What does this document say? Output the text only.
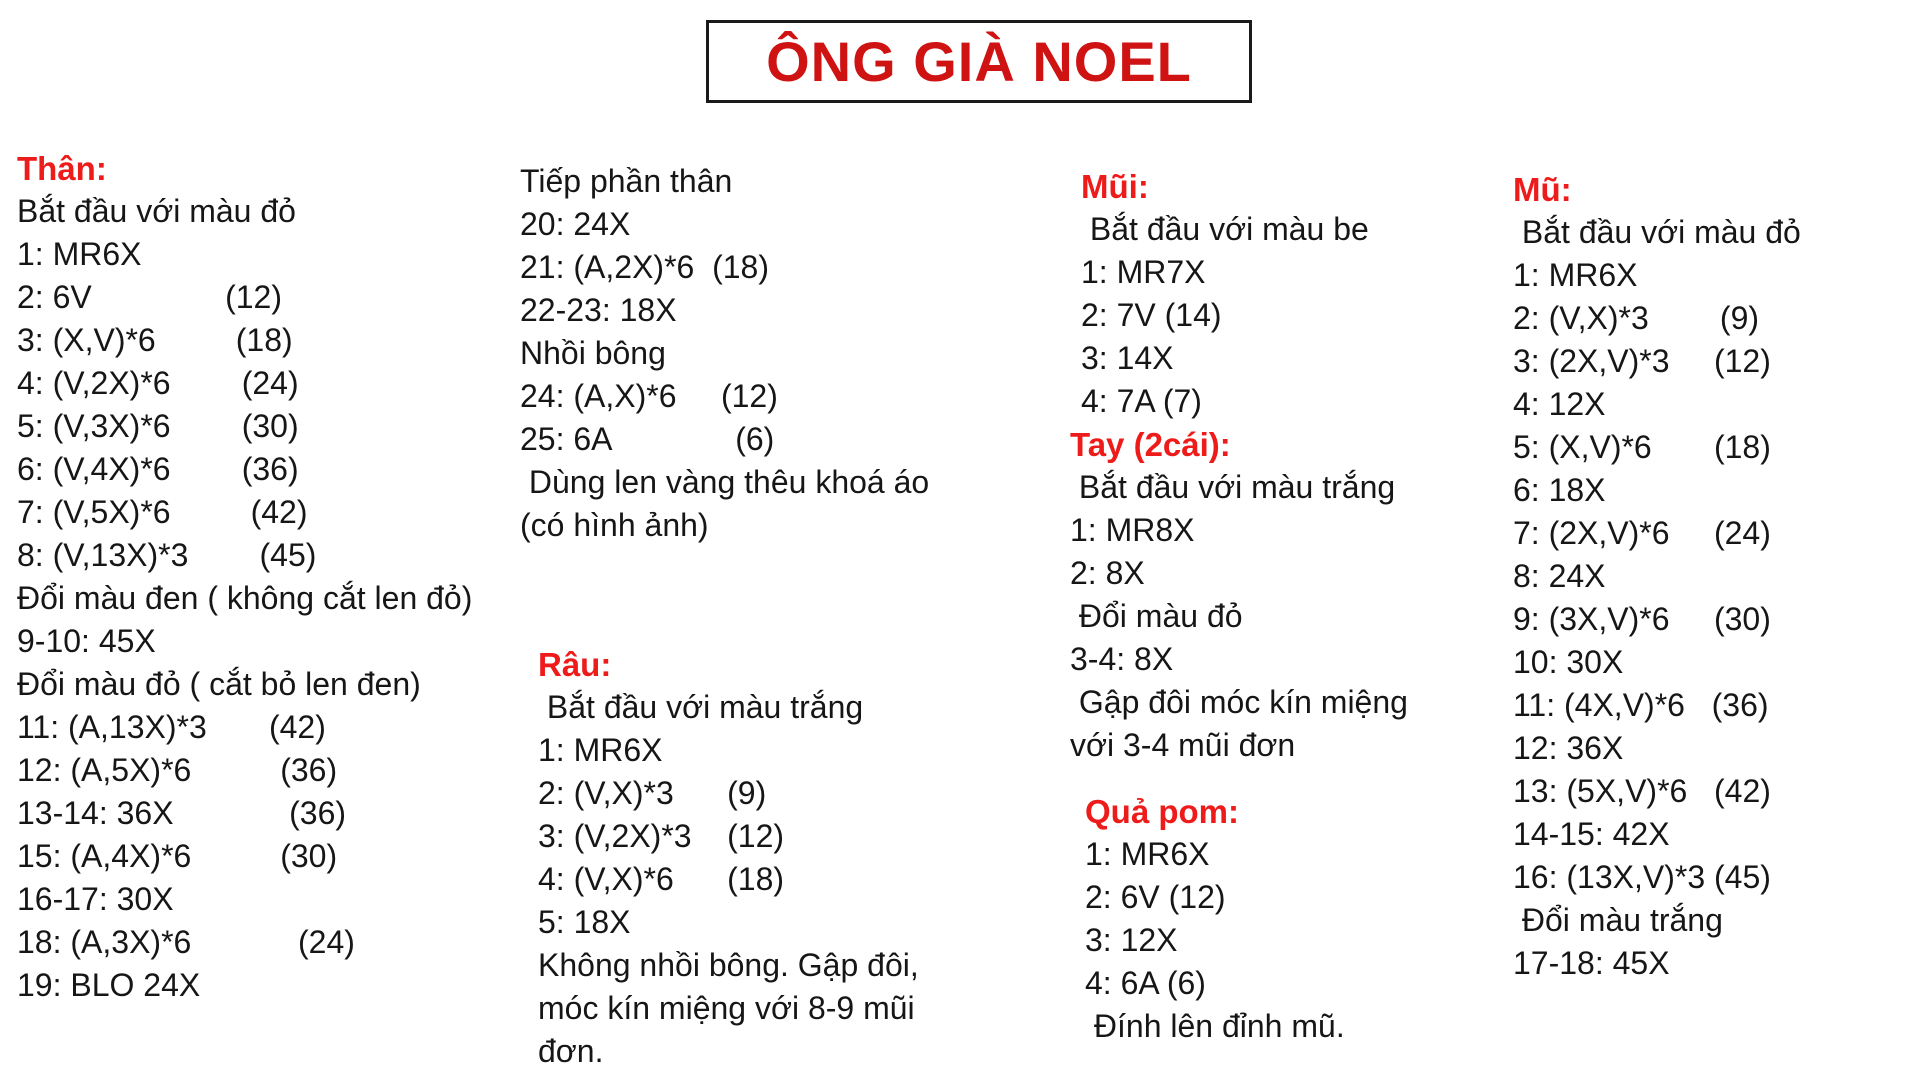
ÔNG GIÀ NOEL
Thân:
Bắt đầu với màu đỏ
1: MR6X
2: 6V               (12)
3: (X,V)*6         (18)
4: (V,2X)*6        (24)
5: (V,3X)*6        (30)
6: (V,4X)*6        (36)
7: (V,5X)*6         (42)
8: (V,13X)*3        (45)
Đổi màu đen ( không cắt len đỏ)
9-10: 45X
Đổi màu đỏ ( cắt bỏ len đen)
11: (A,13X)*3       (42)
12: (A,5X)*6          (36)
13-14: 36X             (36)
15: (A,4X)*6          (30)
16-17: 30X
18: (A,3X)*6            (24)
19: BLO 24X
Tiếp phần thân
20: 24X
21: (A,2X)*6  (18)
22-23: 18X
Nhồi bông
24: (A,X)*6     (12)
25: 6A              (6)
Dùng len vàng thêu khoá áo
(có hình ảnh)
Râu:
Bắt đầu với màu trắng
1: MR6X
2: (V,X)*3      (9)
3: (V,2X)*3    (12)
4: (V,X)*6      (18)
5: 18X
Không nhồi bông. Gập đôi,
móc kín miệng với 8-9 mũi
đơn.
Mũi:
Bắt đầu với màu be
1: MR7X
2: 7V (14)
3: 14X
4: 7A (7)
Tay (2cái):
Bắt đầu với màu trắng
1: MR8X
2: 8X
Đổi màu đỏ
3-4: 8X
Gập đôi móc kín miệng
với 3-4 mũi đơn
Quả pom:
1: MR6X
2: 6V (12)
3: 12X
4: 6A (6)
Đính lên đỉnh mũ.
Mũ:
Bắt đầu với màu đỏ
1: MR6X
2: (V,X)*3        (9)
3: (2X,V)*3     (12)
4: 12X
5: (X,V)*6       (18)
6: 18X
7: (2X,V)*6     (24)
8: 24X
9: (3X,V)*6     (30)
10: 30X
11: (4X,V)*6   (36)
12: 36X
13: (5X,V)*6   (42)
14-15: 42X
16: (13X,V)*3 (45)
Đổi màu trắng
17-18: 45X
